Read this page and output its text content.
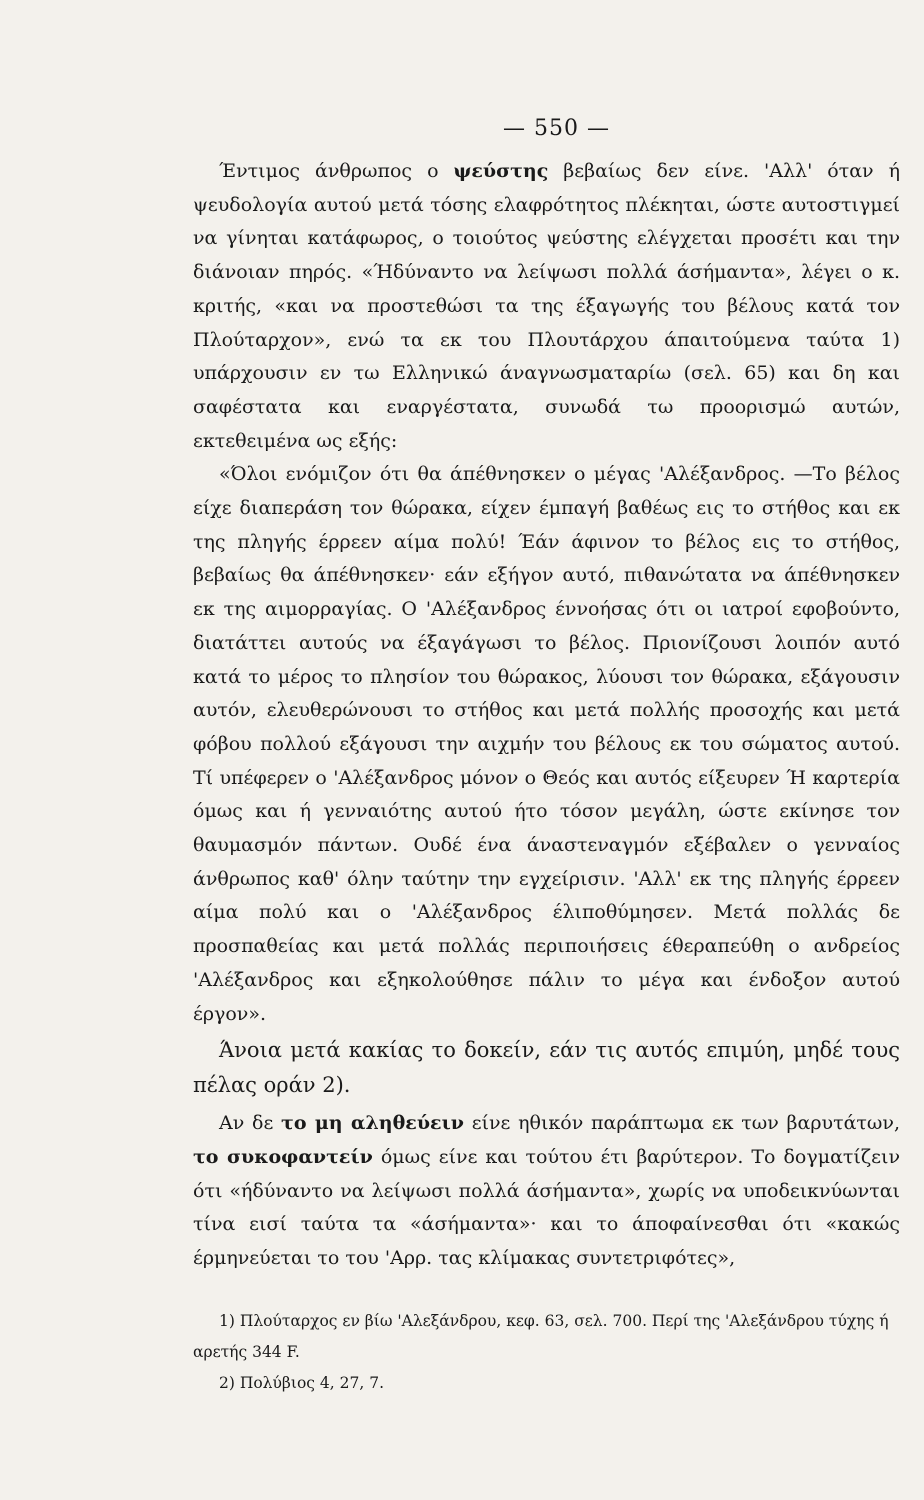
— 550 —

Έντιμος άνθρωπος ο ψεύστης βεβαίως δεν είνε. 'Αλλ' όταν ή ψευδολογία αυτού μετά τόσης ελαφρότητος πλέκηται, ώστε αυτοστιγμεί να γίνηται κατάφωρος, ο τοιούτος ψεύστης ελέγχεται προσέτι και την διάνοιαν πηρός. «Ήδύναντο να λείψωσι πολλά άσήμαντα», λέγει ο κ. κριτής, «και να προστεθώσι τα της έξαγωγής του βέλους κατά τον Πλούταρχον», ενώ τα εκ του Πλουτάρχου άπαιτούμενα ταύτα 1) υπάρχουσιν εν τω Ελληνικώ άναγνωσματαρίω (σελ. 65) και δη και σαφέστατα και εναργέστατα, συνωδά τω προορισμώ αυτών, εκτεθειμένα ως εξής:

«Όλοι ενόμιζον ότι θα άπέθνησκεν ο μέγας 'Αλέξανδρος. —Το βέλος είχε διαπεράση τον θώρακα, είχεν έμπαγή βαθέως εις το στήθος και εκ της πληγής έρρεεν αίμα πολύ! Έάν άφινον το βέλος εις το στήθος, βεβαίως θα άπέθνησκεν· εάν εξήγον αυτό, πιθανώτατα να άπέθνησκεν εκ της αιμορραγίας. Ο 'Αλέξανδρος έννοήσας ότι οι ιατροί εφοβούντο, διατάττει αυτούς να έξαγάγωσι το βέλος. Πριονίζουσι λοιπόν αυτό κατά το μέρος το πλησίον του θώρακος, λύουσι τον θώρακα, εξάγουσιν αυτόν, ελευθερώνουσι το στήθος και μετά πολλής προσοχής και μετά φόβου πολλού εξάγουσι την αιχμήν του βέλους εκ του σώματος αυτού. Τί υπέφερεν ο 'Αλέξανδρος μόνον ο Θεός και αυτός είξευρεν Ή καρτερία όμως και ή γενναιότης αυτού ήτο τόσον μεγάλη, ώστε εκίνησε τον θαυμασμόν πάντων. Ουδέ ένα άναστεναγμόν εξέβαλεν ο γενναίος άνθρωπος καθ' όλην ταύτην την εγχείρισιν. 'Αλλ' εκ της πληγής έρρεεν αίμα πολύ και ο 'Αλέξανδρος έλιποθύμησεν. Μετά πολλάς δε προσπαθείας και μετά πολλάς περιποιήσεις έθεραπεύθη ο ανδρείος 'Αλέξανδρος και εξηκολούθησε πάλιν το μέγα και ένδοξον αυτού έργον».

Άνοια μετά κακίας το δοκείν, εάν τις αυτός επιμύη, μηδέ τους πέλας οράν 2).

Αν δε το μη αληθεύειν είνε ηθικόν παράπτωμα εκ των βαρυτάτων, το συκοφαντείν όμως είνε και τούτου έτι βαρύτερον. Το δογματίζειν ότι «ήδύναντο να λείψωσι πολλά άσήμαντα», χωρίς να υποδεικνύωνται τίνα εισί ταύτα τα «άσήμαντα»· και το άποφαίνεσθαι ότι «κακώς έρμηνεύεται το του 'Αρρ. τας κλίμακας συντετριφότες»,

1) Πλούταρχος εν βίω 'Αλεξάνδρου, κεφ. 63, σελ. 700. Περί της 'Αλεξάνδρου τύχης ή αρετής 344 F.

2) Πολύβιος 4, 27, 7.
